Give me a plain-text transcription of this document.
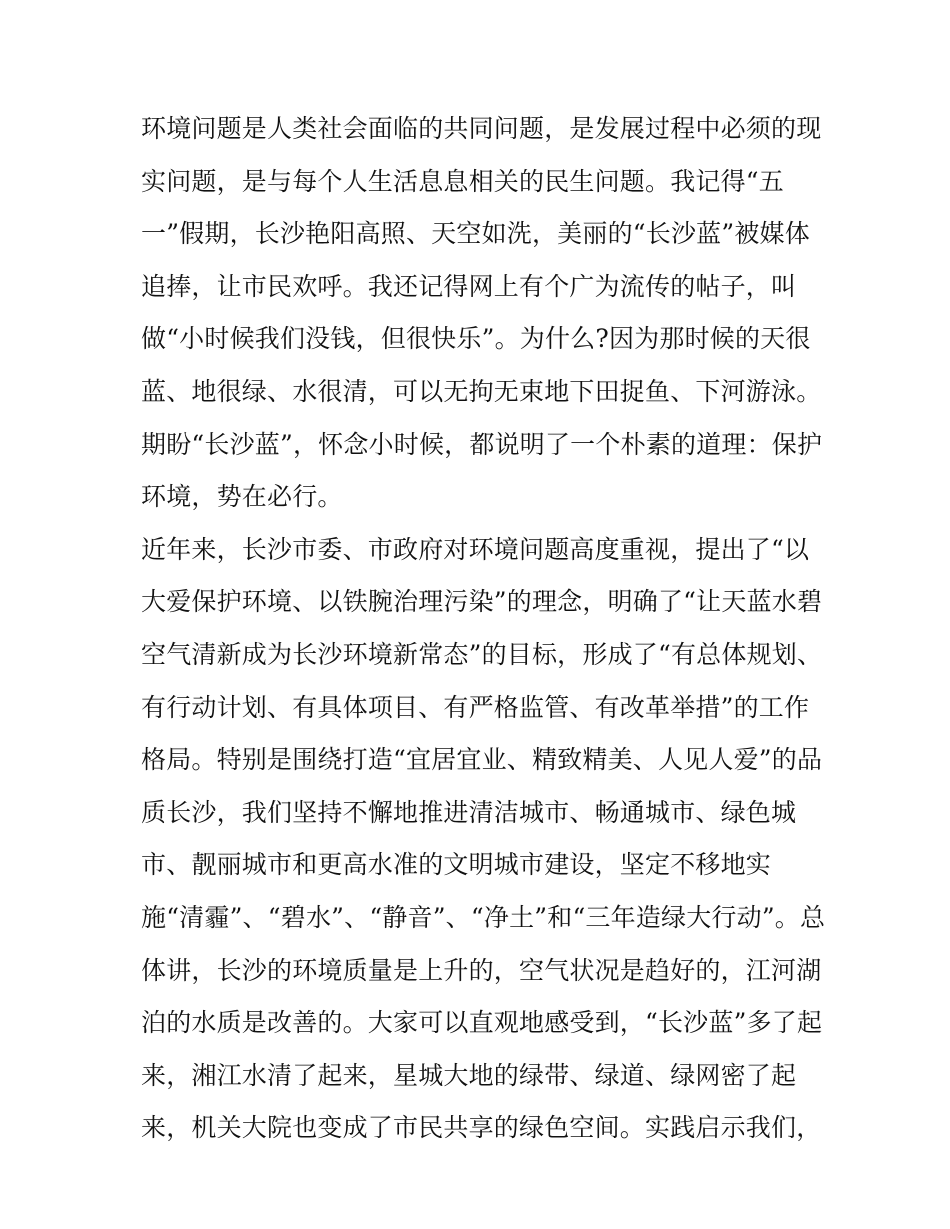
环境问题是人类社会面临的共同问题，是发展过程中必须的现
实问题，是与每个人生活息息相关的民生问题。我记得“五
一”假期，长沙艳阳高照、天空如洗，美丽的“长沙蓝”被媒体
追捧，让市民欢呼。我还记得网上有个广为流传的帖子，叫
做“小时候我们没钱，但很快乐”。为什么?因为那时候的天很
蓝、地很绿、水很清，可以无拘无束地下田捉鱼、下河游泳。
期盼“长沙蓝”，怀念小时候，都说明了一个朴素的道理：保护
环境，势在必行。
近年来，长沙市委、市政府对环境问题高度重视，提出了“以
大爱保护环境、以铁腕治理污染”的理念，明确了“让天蓝水碧
空气清新成为长沙环境新常态”的目标，形成了“有总体规划、
有行动计划、有具体项目、有严格监管、有改革举措”的工作
格局。特别是围绕打造“宜居宜业、精致精美、人见人爱”的品
质长沙，我们坚持不懈地推进清洁城市、畅通城市、绿色城
市、靓丽城市和更高水准的文明城市建设，坚定不移地实
施“清霾”、“碧水”、“静音”、“净土”和“三年造绿大行动”。总
体讲，长沙的环境质量是上升的，空气状况是趋好的，江河湖
泊的水质是改善的。大家可以直观地感受到，“长沙蓝”多了起
来，湘江水清了起来，星城大地的绿带、绿道、绿网密了起
来，机关大院也变成了市民共享的绿色空间。实践启示我们，
